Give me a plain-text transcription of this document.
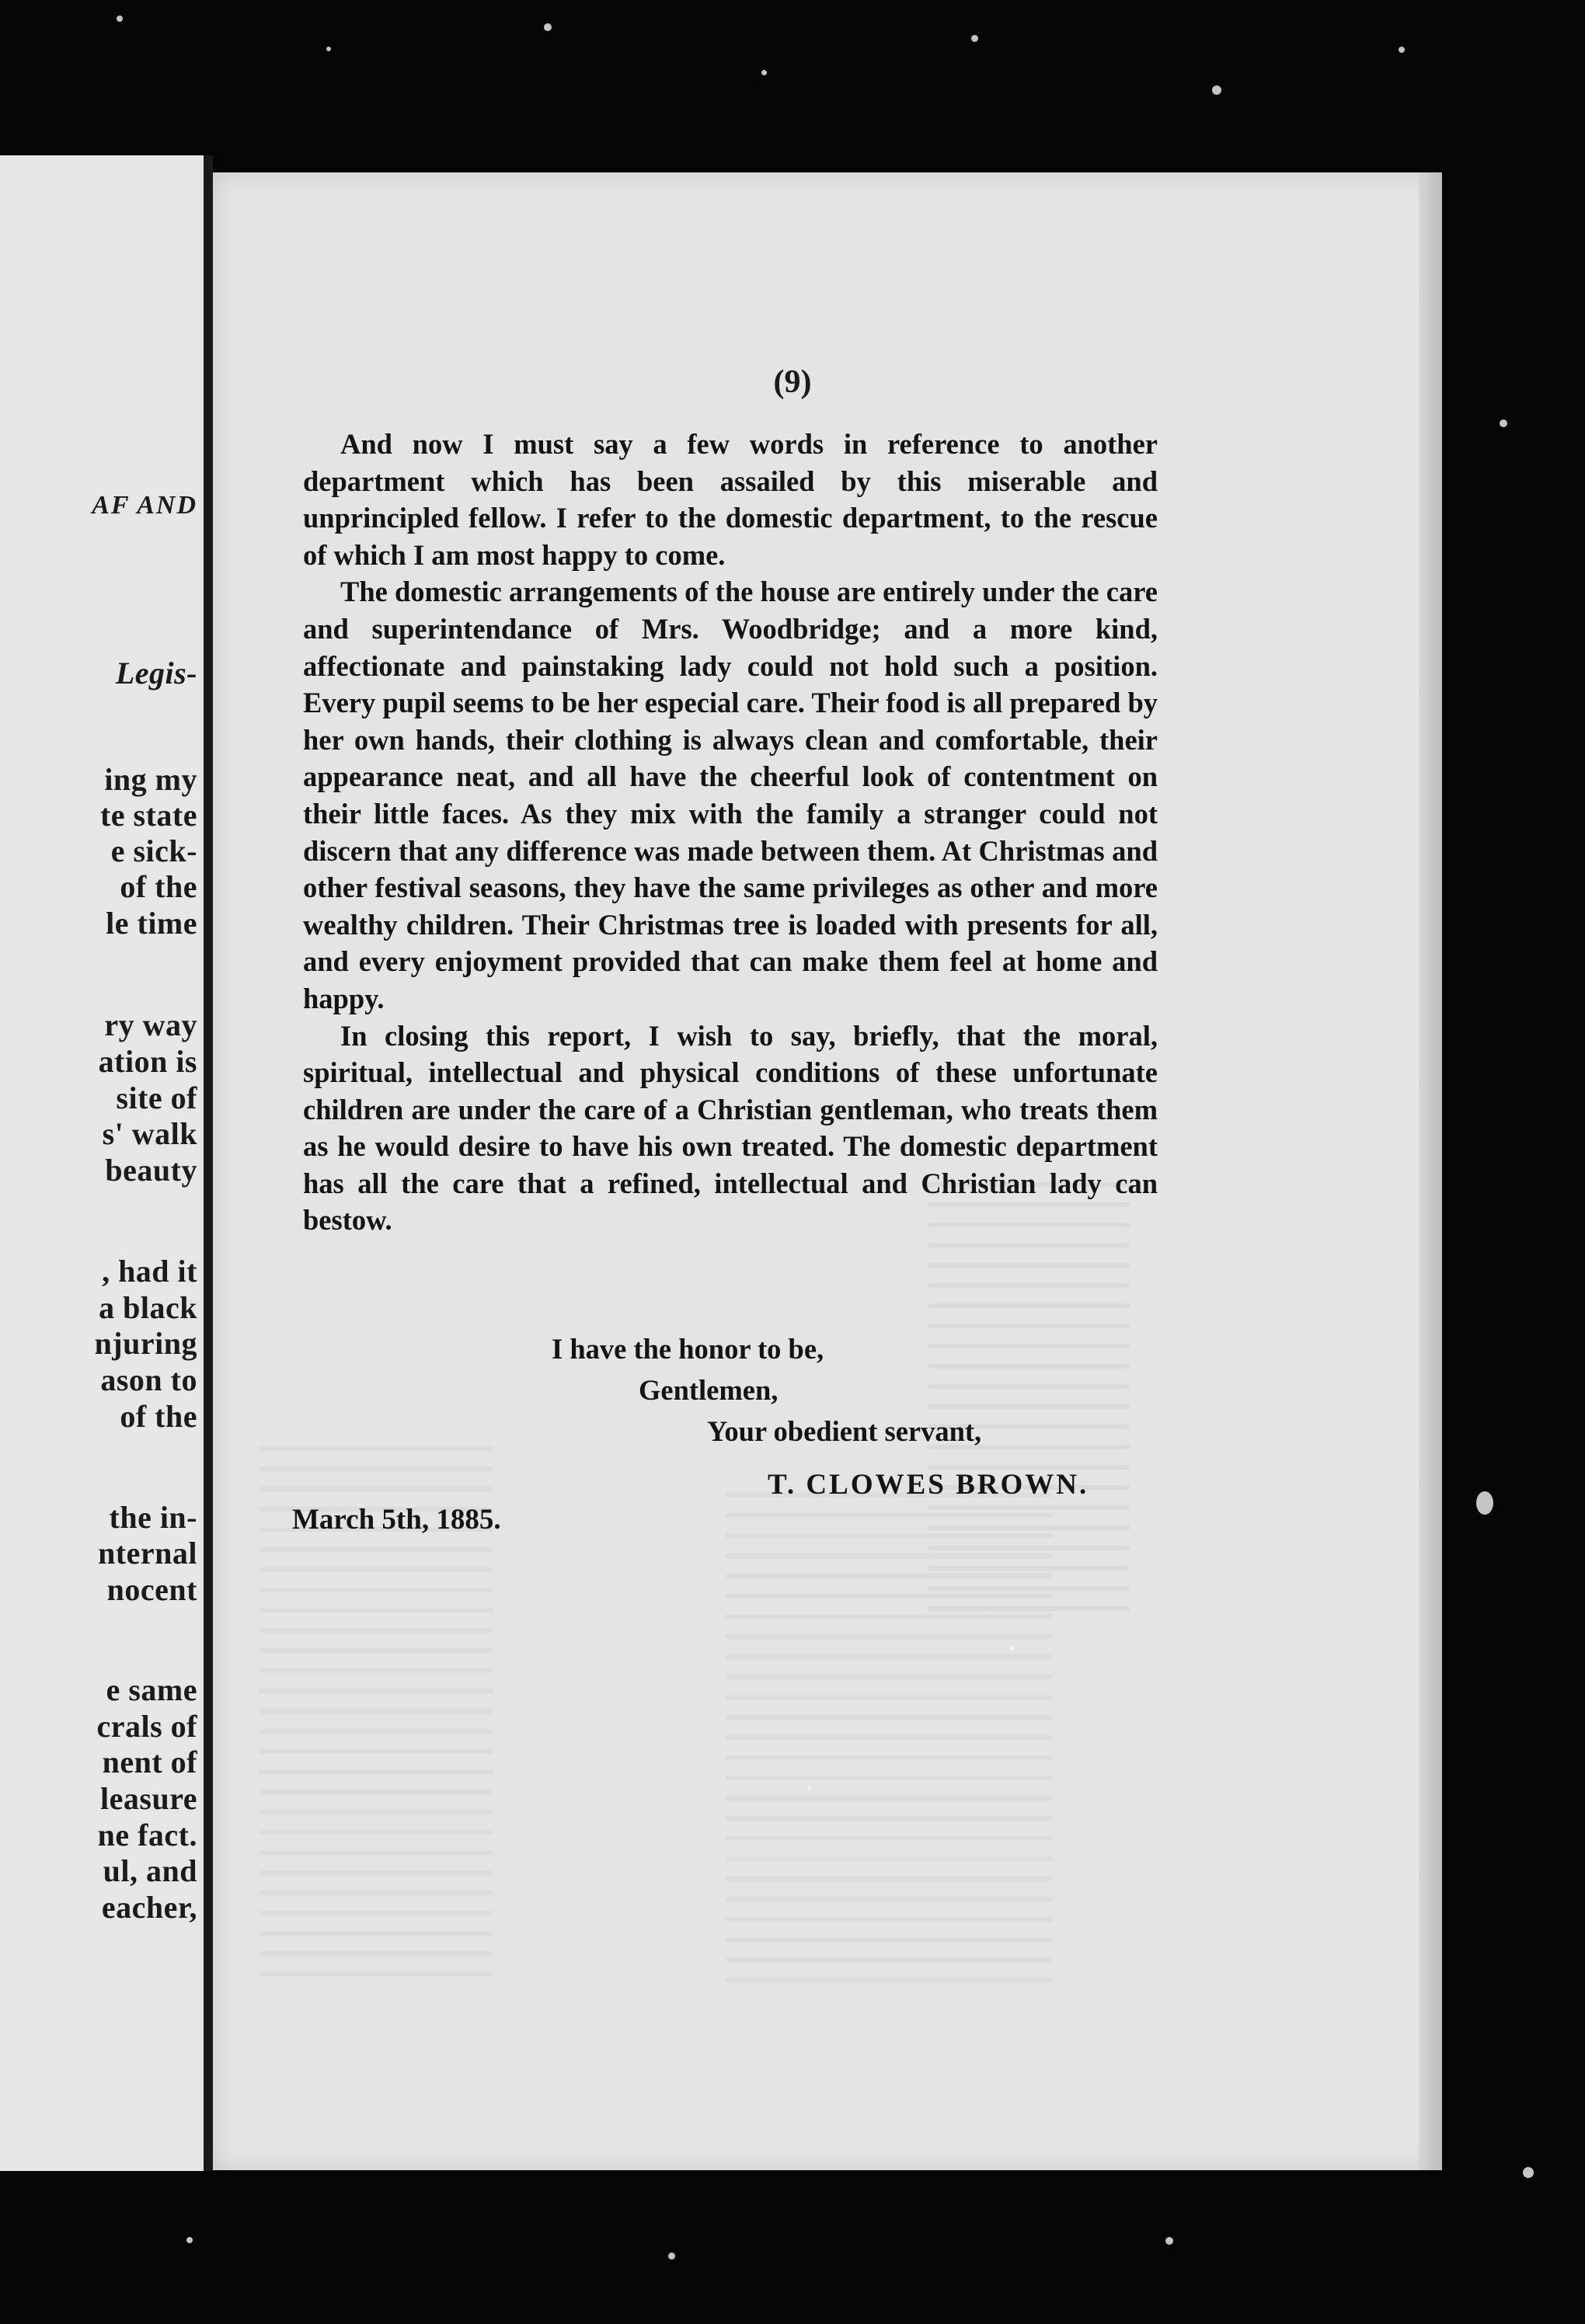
AF AND
Legis-
ing my
te state
e sick-
of the
le time
ry way
ation is
site of
s' walk
beauty
, had it
a black
njuring
ason to
of the
the in-
nternal
nocent
e same
crals of
nent of
leasure
ne fact.
ul, and
eacher,
(9)

And now I must say a few words in reference to another department which has been assailed by this miserable and unprincipled fellow. I refer to the domestic department, to the rescue of which I am most happy to come.

The domestic arrangements of the house are entirely under the care and superintendance of Mrs. Woodbridge; and a more kind, affectionate and painstaking lady could not hold such a position. Every pupil seems to be her especial care. Their food is all prepared by her own hands, their clothing is always clean and comfortable, their appearance neat, and all have the cheerful look of contentment on their little faces. As they mix with the family a stranger could not discern that any difference was made between them. At Christmas and other festival seasons, they have the same privileges as other and more wealthy children. Their Christmas tree is loaded with presents for all, and every enjoyment provided that can make them feel at home and happy.

In closing this report, I wish to say, briefly, that the moral, spiritual, intellectual and physical conditions of these unfortunate children are under the care of a Christian gentleman, who treats them as he would desire to have his own treated. The domestic department has all the care that a refined, intellectual and Christian lady can bestow.

I have the honor to be,
Gentlemen,
Your obedient servant,
T. CLOWES BROWN.
March 5th, 1885.
